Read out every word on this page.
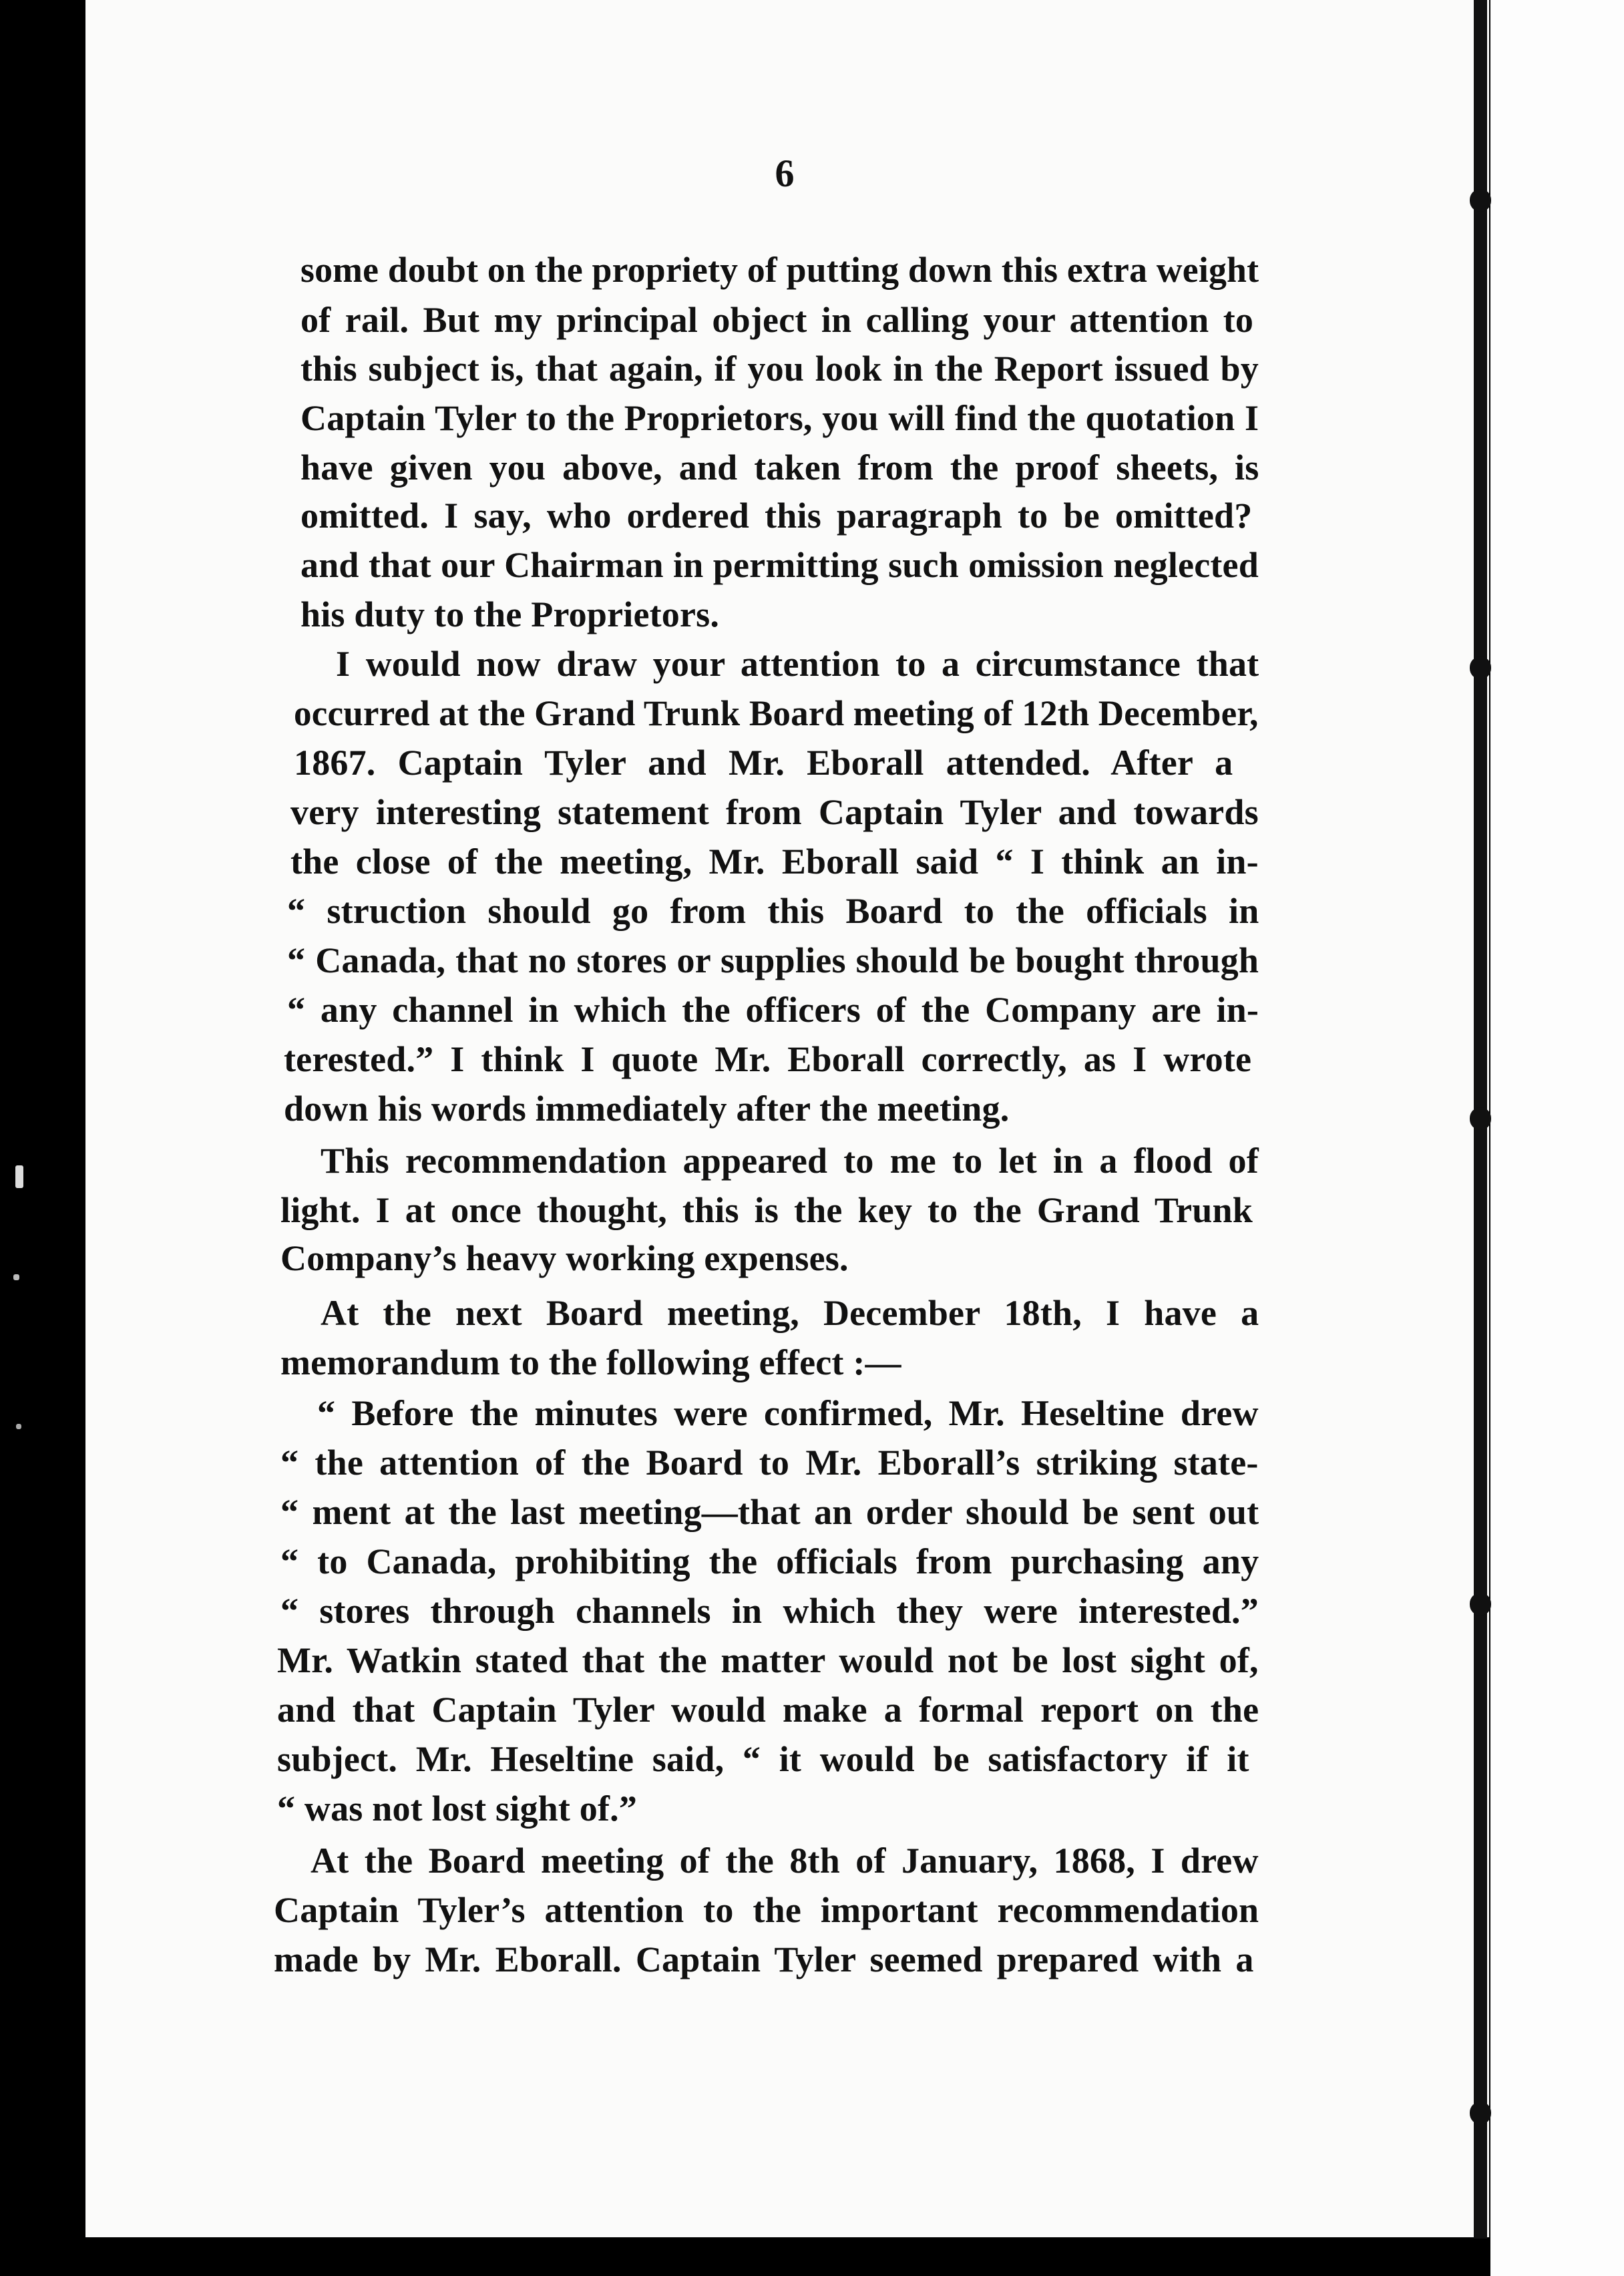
6
some doubt on the propriety of putting down this extra weight
of rail. But my principal object in calling your attention to
this subject is, that again, if you look in the Report issued by
Captain Tyler to the Proprietors, you will find the quotation I
have given you above, and taken from the proof sheets, is
omitted. I say, who ordered this paragraph to be omitted?
and that our Chairman in permitting such omission neglected
his duty to the Proprietors.
I would now draw your attention to a circumstance that
occurred at the Grand Trunk Board meeting of 12th December,
1867. Captain Tyler and Mr. Eborall attended. After a
very interesting statement from Captain Tyler and towards
the close of the meeting, Mr. Eborall said “ I think an in-
“ struction should go from this Board to the officials in
“ Canada, that no stores or supplies should be bought through
“ any channel in which the officers of the Company are in-
terested.” I think I quote Mr. Eborall correctly, as I wrote
down his words immediately after the meeting.
This recommendation appeared to me to let in a flood of
light. I at once thought, this is the key to the Grand Trunk
Company’s heavy working expenses.
At the next Board meeting, December 18th, I have a
memorandum to the following effect :—
“ Before the minutes were confirmed, Mr. Heseltine drew
“ the attention of the Board to Mr. Eborall’s striking state-
“ ment at the last meeting—that an order should be sent out
“ to Canada, prohibiting the officials from purchasing any
“ stores through channels in which they were interested.”
Mr. Watkin stated that the matter would not be lost sight of,
and that Captain Tyler would make a formal report on the
subject. Mr. Heseltine said, “ it would be satisfactory if it
“ was not lost sight of.”
At the Board meeting of the 8th of January, 1868, I drew
Captain Tyler’s attention to the important recommendation
made by Mr. Eborall. Captain Tyler seemed prepared with a
